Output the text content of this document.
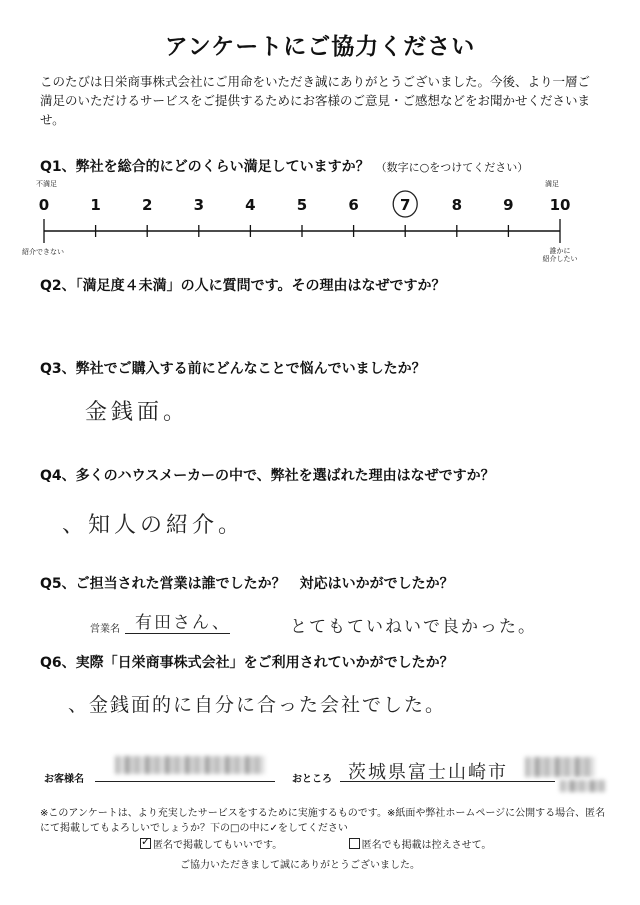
アンケートにご協力ください
このたびは日栄商事株式会社にご用命をいただき誠にありがとうございました。今後、より一層ご満足のいただけるサービスをご提供するためにお客様のご意見・ご感想などをお聞かせくださいませ。
Q1、弊社を総合的にどのくらい満足していますか？ （数字に○をつけてください）
不満足	満足
0	1	2	3	4	5	6	7	8	9	10
紹介できない	誰かに
紹介したい
Q2、「満足度４未満」の人に質問です。その理由はなぜですか？
Q3、弊社でご購入する前にどんなことで悩んでいましたか？
金銭面。
Q4、多くのハウスメーカーの中で、弊社を選ばれた理由はなぜですか？
、知人の紹介。
Q5、ご担当された営業は誰でしたか？　対応はいかがでしたか？
営業名 有田さん、	とてもていねいで良かった。
Q6、実際「日栄商事株式会社」をご利用されていかがでしたか？
、金銭面的に自分に合った会社でした。
お客様名	おところ 茨城県富士山崎市
※このアンケートは、より充実したサービスをするために実施するものです。※紙面や弊社ホームページに公開する場合、匿名にて掲載してもよろしいでしょうか？下の□の中に✓をしてください
✓匿名で掲載してもいいです。	匿名でも掲載は控えさせて。
ご協力いただきまして誠にありがとうございました。
